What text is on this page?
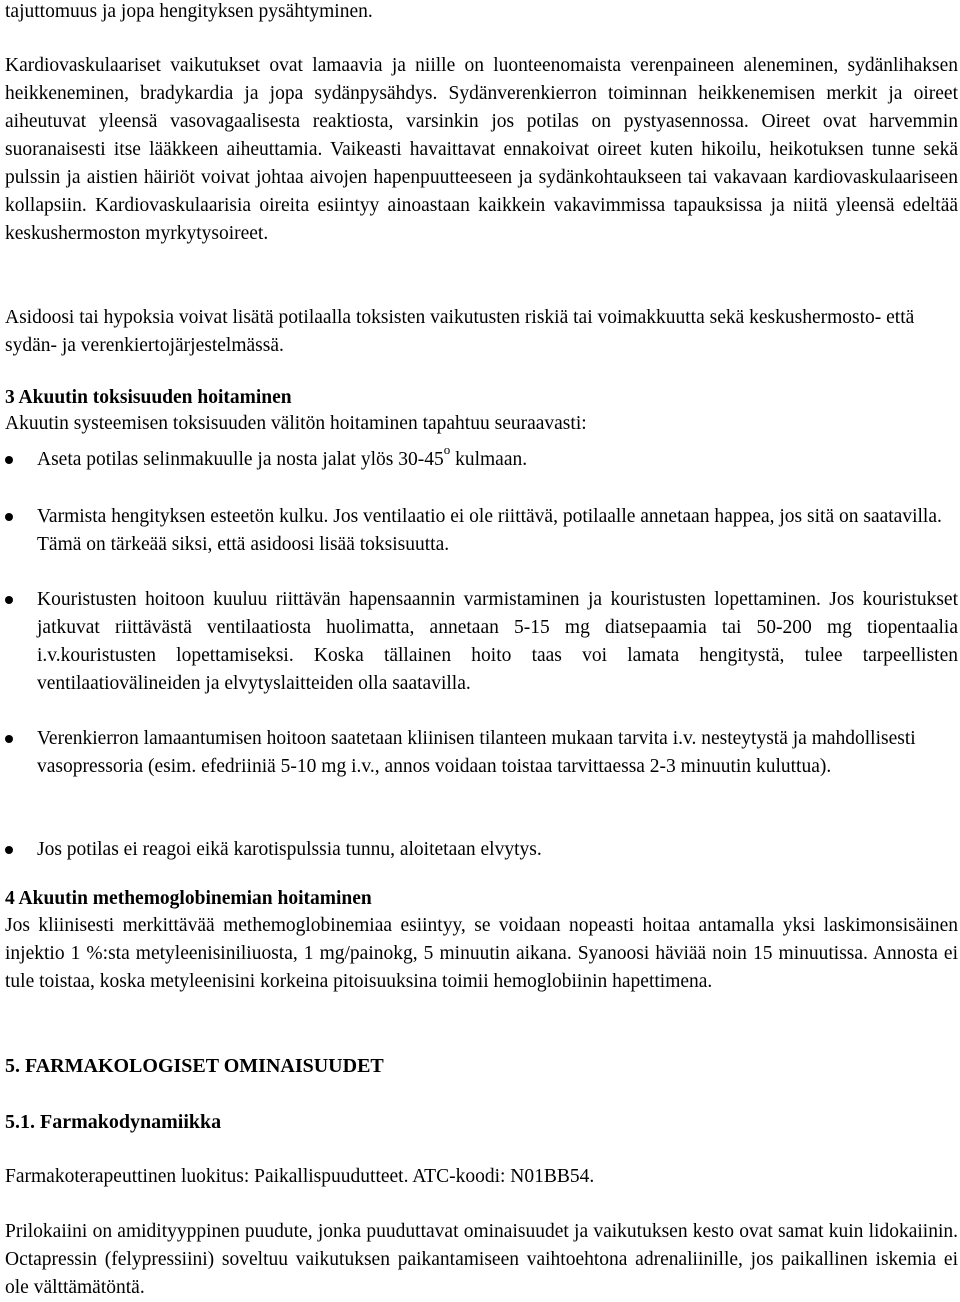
tajuttomuus ja jopa hengityksen pysähtyminen.

Kardiovaskulaariset vaikutukset ovat lamaavia ja niille on luonteenomaista verenpaineen aleneminen, sydänlihaksen heikkeneminen, bradykardia ja jopa sydänpysähdys. Sydänverenkierron toiminnan heikkenemisen merkit ja oireet aiheutuvat yleensä vasovagaalisesta reaktiosta, varsinkin jos potilas on pystyasennossa. Oireet ovat harvemmin suoranaisesti itse lääkkeen aiheuttamia. Vaikeasti havaittavat ennakoivat oireet kuten hikoilu, heikotuksen tunne sekä pulssin ja aistien häiriöt voivat johtaa aivojen hapenpuutteeseen ja sydänkohtaukseen tai vakavaan kardiovaskulaariseen kollapsiin. Kardiovaskulaarisia oireita esiintyy ainoastaan kaikkein vakavimmissa tapauksissa ja niitä yleensä edeltää keskushermoston myrkytysoireet.

Asidoosi tai hypoksia voivat lisätä potilaalla toksisten vaikutusten riskiä tai voimakkuutta sekä keskushermosto- että sydän- ja verenkiertojärjestelmässä.

3 Akuutin toksisuuden hoitaminen

Akuutin systeemisen toksisuuden välitön hoitaminen tapahtuu seuraavasti:

Aseta potilas selinmakuulle ja nosta jalat ylös 30-45$^o$ kulmaan.
Varmista hengityksen esteetön kulku. Jos ventilaatio ei ole riittävä, potilaalle annetaan happea, jos sitä on saatavilla. Tämä on tärkeää siksi, että asidoosi lisää toksisuutta.
Kouristusten hoitoon kuuluu riittävän hapensaannin varmistaminen ja kouristusten lopettaminen. Jos kouristukset jatkuvat riittävästä ventilaatiosta huolimatta, annetaan 5-15 mg diatsepaamia tai 50-200 mg tiopentaalia i.v.kouristusten lopettamiseksi. Koska tällainen hoito taas voi lamata hengitystä, tulee tarpeellisten ventilaatiovälineiden ja elvytyslaitteiden olla saatavilla.
Verenkierron lamaantumisen hoitoon saatetaan kliinisen tilanteen mukaan tarvita i.v. nesteytystä ja mahdollisesti vasopressoria (esim. efedriiniä 5-10 mg i.v., annos voidaan toistaa tarvittaessa 2-3 minuutin kuluttua).
Jos potilas ei reagoi eikä karotispulssia tunnu, aloitetaan elvytys.

4 Akuutin methemoglobinemian hoitaminen

Jos kliinisesti merkittävää methemoglobinemiaa esiintyy, se voidaan nopeasti hoitaa antamalla yksi laskimonsisäinen injektio 1 %:sta metyleenisiniliuosta, 1 mg/painokg, 5 minuutin aikana. Syanoosi häviää noin 15 minuutissa. Annosta ei tule toistaa, koska metyleenisini korkeina pitoisuuksina toimii hemoglobiinin hapettimena.

5. FARMAKOLOGISET OMINAISUUDET

5.1. Farmakodynamiikka

Farmakoterapeuttinen luokitus: Paikallispuudutteet. ATC-koodi: N01BB54.

Prilokaiini on amidityyppinen puudute, jonka puuduttavat ominaisuudet ja vaikutuksen kesto ovat samat kuin lidokaiinin. Octapressin (felypressiini) soveltuu vaikutuksen paikantamiseen vaihtoehtona adrenaliinille, jos paikallinen iskemia ei ole välttämätöntä.
